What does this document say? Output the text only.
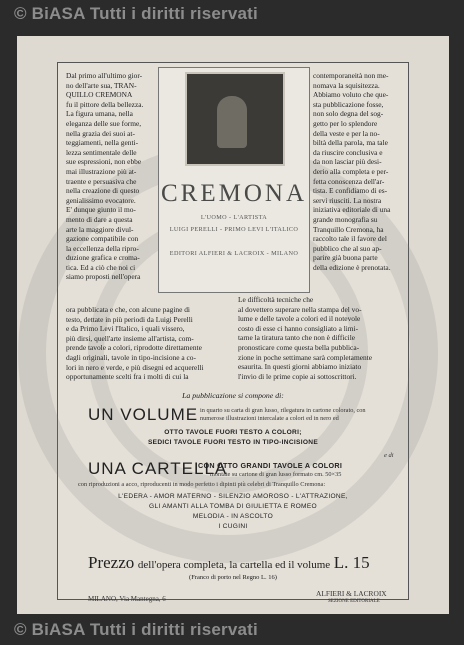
© BiASA Tutti i diritti riservati
Dal primo all'ultimo gior-
no dell'arte sua, TRAN-
QUILLO CREMONA
fu il pittore della bellezza.
La figura umana, nella
eleganza delle sue forme,
nella grazia dei suoi at-
teggiamenti, nella genti-
lezza sentimentale delle
sue espressioni, non ebbe
mai illustrazione più at-
traente e persuasiva che
nella creazione di questo
genialissimo evocatore.
E' dunque giunto il mo-
mento di dare a questa
arte la maggiore divul-
gazione compatibile con
la eccellenza della ripro-
duzione grafica e croma-
tica. Ed a ciò che noi ci
siamo proposti nell'opera
CREMONA
L'UOMO - L'ARTISTA
LUIGI PERELLI - PRIMO LEVI L'ITALICO
EDITORI ALFIERI & LACROIX - MILANO
contemporaneità non me-
nomava la squisitezza.
Abbiamo voluto che que-
sta pubblicazione fosse,
non solo degna del sog-
getto per lo splendore
della veste e per la no-
biltà della parola, ma tale
da riuscire conclusiva e
da non lasciar più desi-
derio alla completa e per-
fetta conoscenza dell'ar-
tista. E confidiamo di es-
servi riusciti. La nostra
iniziativa editoriale di una
grande monografia su
Tranquillo Cremona, ha
raccolto tale il favore del
pubblico che al suo ap-
parire già buona parte
della edizione è prenotata.
ora pubblicata e che, con alcune pagine di
testo, dettate in più periodi da Luigi Perelli
e da Primo Levi l'Italico, i quali vissero,
più dirsi, quell'arte insieme all'artista, com-
prende tavole a colori, riprodotte direttamente
dagli originali, tavole in tipo-incisione a co-
lori in nero e verde, e più disegni ed acquerelli
opportunamente scelti fra i molti di cui la
Le difficoltà tecniche che
al dovettero superare nella stampa del vo-
lume e delle tavole a colori ed il notevole
costo di esse ci hanno consigliato a limi-
tarne la tiratura tanto che non è difficile
pronosticare come questa bella pubblica-
zione in poche settimane sarà completamente
esaurita. In questi giorni abbiamo iniziato
l'invio di le prime copie ai sottoscrittori.
La pubblicazione si compone di:
UN VOLUME in quarto su carta di gran lusso, rilegatura in cartone colorato, con
numerose illustrazioni intercalate a colori ed in nero ed
OTTO TAVOLE FUORI TESTO A COLORI;
SEDICI TAVOLE FUORI TESTO IN TIPO-INCISIONE
e di
UNA CARTELLA
CON OTTO GRANDI TAVOLE A COLORI
montate su cartone di gran lusso formato cm. 50×35
con riproduzioni a acco, riproducenti in modo perfetto i dipinti più celebri di Tranquillo Cremona:
L'EDERA - AMOR MATERNO - SILENZIO AMOROSO - L'ATTRAZIONE,
GLI AMANTI ALLA TOMBA DI GIULIETTA E ROMEO
MELODIA - IN ASCOLTO
I CUGINI
Prezzo dell'opera completa, la cartella ed il volume L. 15
(Franco di porto nel Regno L. 16)
MILANO, Via Mantegna, 6
ALFIERI & LACROIX
SEZIONE EDITORIALE
© BiASA Tutti i diritti riservati
